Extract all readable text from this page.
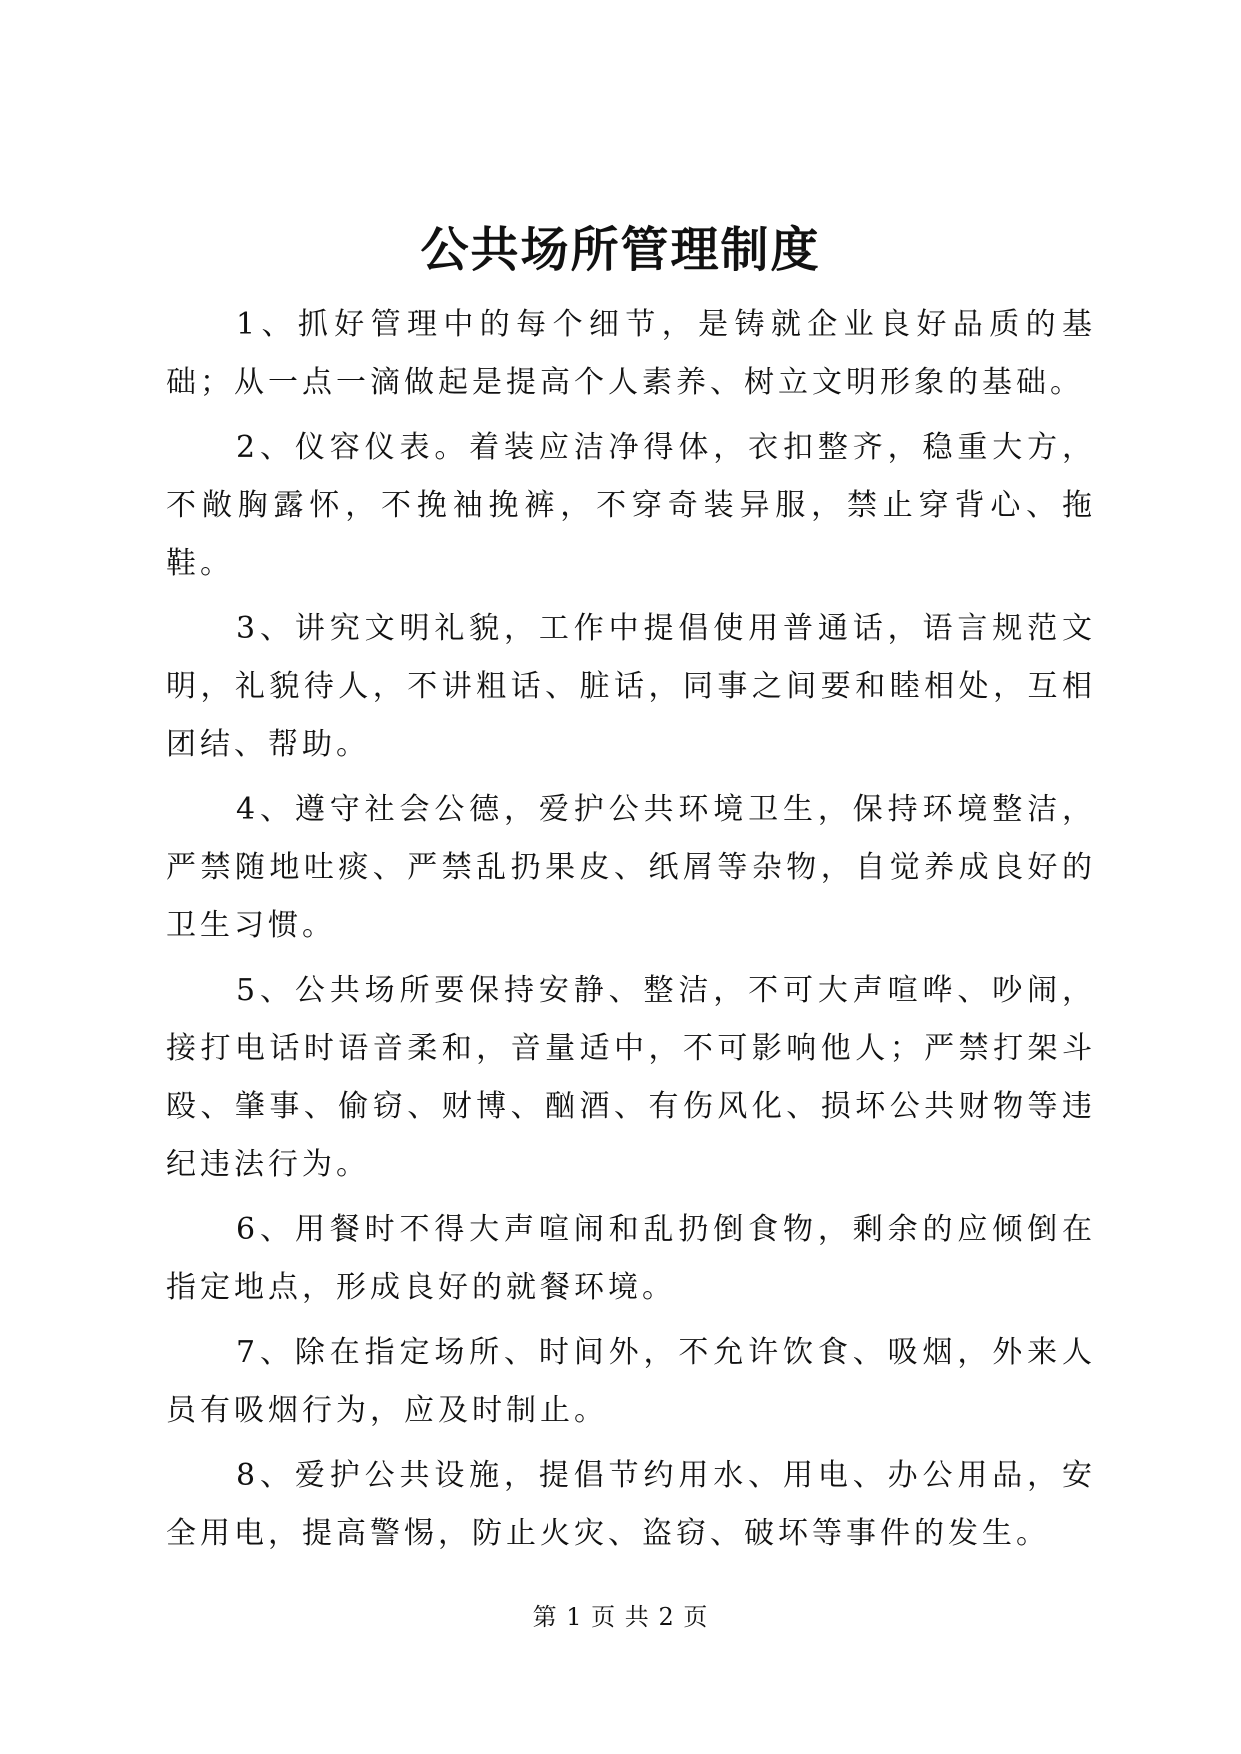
公共场所管理制度

1、抓好管理中的每个细节，是铸就企业良好品质的基础；从一点一滴做起是提高个人素养、树立文明形象的基础。

2、仪容仪表。着装应洁净得体，衣扣整齐，稳重大方，不敞胸露怀，不挽袖挽裤，不穿奇装异服，禁止穿背心、拖鞋。

3、讲究文明礼貌，工作中提倡使用普通话，语言规范文明，礼貌待人，不讲粗话、脏话，同事之间要和睦相处，互相团结、帮助。

4、遵守社会公德，爱护公共环境卫生，保持环境整洁，严禁随地吐痰、严禁乱扔果皮、纸屑等杂物，自觉养成良好的卫生习惯。

5、公共场所要保持安静、整洁，不可大声喧哗、吵闹，接打电话时语音柔和，音量适中，不可影响他人；严禁打架斗殴、肇事、偷窃、财博、酗酒、有伤风化、损坏公共财物等违纪违法行为。

6、用餐时不得大声喧闹和乱扔倒食物，剩余的应倾倒在指定地点，形成良好的就餐环境。

7、除在指定场所、时间外，不允许饮食、吸烟，外来人员有吸烟行为，应及时制止。

8、爱护公共设施，提倡节约用水、用电、办公用品，安全用电，提高警惕，防止火灾、盗窃、破坏等事件的发生。

第 1 页 共 2 页
